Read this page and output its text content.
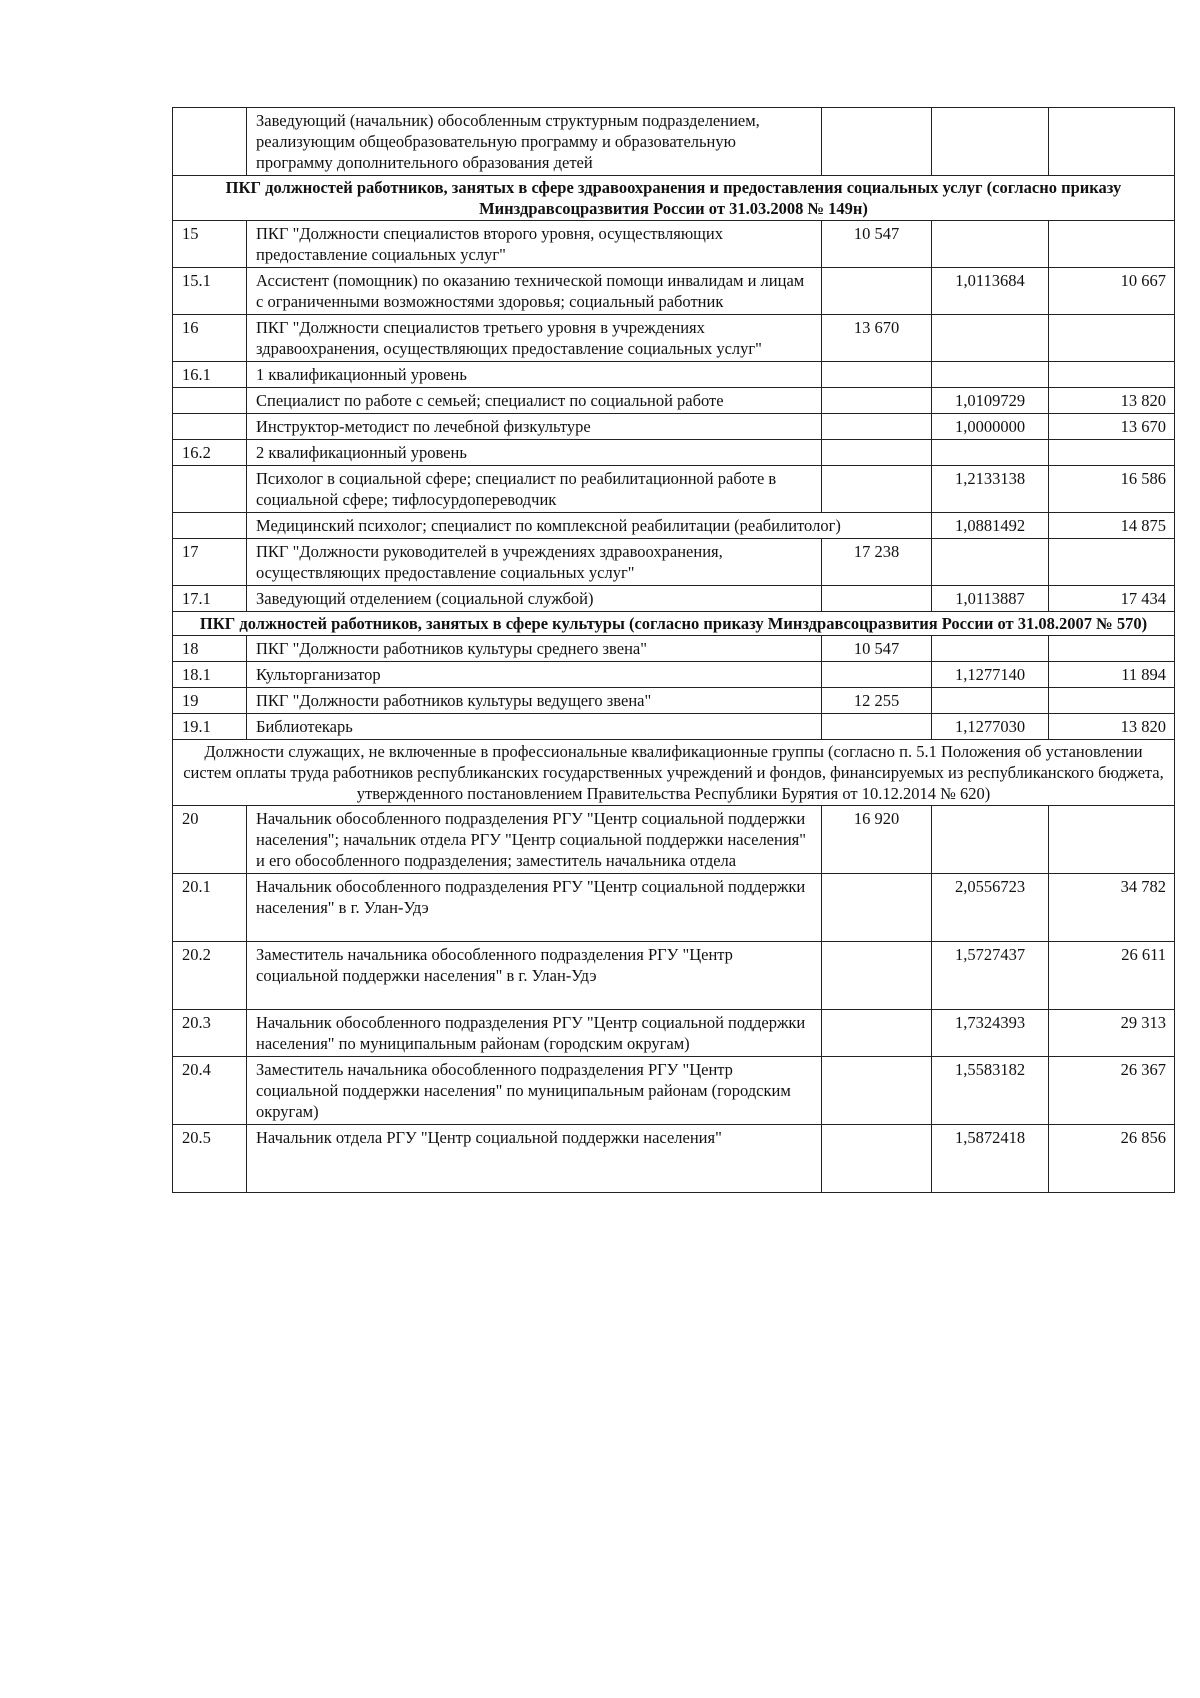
	Заведующий (начальник) обособленным структурным подразделением, реализующим общеобразовательную программу и образовательную программу дополнительного образования детей			
ПКГ должностей работников, занятых в сфере здравоохранения и предоставления социальных услуг (согласно приказу Минздравсоцразвития России от 31.03.2008 № 149н)				
15	ПКГ "Должности специалистов второго уровня, осуществляющих предоставление социальных услуг"	10 547		
15.1	Ассистент (помощник) по оказанию технической помощи инвалидам и лицам с ограниченными возможностями здоровья; социальный работник		1,0113684	10 667
16	ПКГ "Должности специалистов третьего уровня в учреждениях здравоохранения, осуществляющих предоставление социальных услуг"	13 670		
16.1	1 квалификационный уровень			
	Специалист по работе с семьей; специалист по социальной работе		1,0109729	13 820
	Инструктор-методист по лечебной физкультуре		1,0000000	13 670
16.2	2 квалификационный уровень			
	Психолог в социальной сфере; специалист по реабилитационной работе в социальной сфере; тифлосурдопереводчик		1,2133138	16 586
	Медицинский психолог; специалист по комплексной реабилитации (реабилитолог)		1,0881492	14 875
17	ПКГ "Должности руководителей в учреждениях здравоохранения, осуществляющих предоставление социальных услуг"	17 238		
17.1	Заведующий отделением (социальной службой)		1,0113887	17 434
ПКГ должностей работников, занятых в сфере культуры (согласно приказу Минздравсоцразвития России от 31.08.2007 № 570)				
18	ПКГ "Должности работников культуры среднего звена"	10 547		
18.1	Культорганизатор		1,1277140	11 894
19	ПКГ "Должности работников культуры ведущего звена"	12 255		
19.1	Библиотекарь		1,1277030	13 820
Должности служащих, не включенные в профессиональные квалификационные группы (согласно п. 5.1 Положения об установлении систем оплаты труда работников республиканских государственных учреждений и фондов, финансируемых из республиканского бюджета, утвержденного постановлением Правительства Республики Бурятия от 10.12.2014 № 620)				
20	Начальник обособленного подразделения РГУ "Центр социальной поддержки населения"; начальник отдела РГУ "Центр социальной поддержки населения" и его обособленного подразделения; заместитель начальника отдела	16 920		
20.1	Начальник обособленного подразделения РГУ "Центр социальной поддержки населения" в г. Улан-Удэ		2,0556723	34 782
20.2	Заместитель начальника обособленного подразделения РГУ "Центр социальной поддержки населения" в г. Улан-Удэ		1,5727437	26 611
20.3	Начальник обособленного подразделения РГУ "Центр социальной поддержки населения" по муниципальным районам (городским округам)		1,7324393	29 313
20.4	Заместитель начальника обособленного подразделения РГУ "Центр социальной поддержки населения" по муниципальным районам (городским округам)		1,5583182	26 367
20.5	Начальник отдела РГУ "Центр социальной поддержки населения"		1,5872418	26 856
